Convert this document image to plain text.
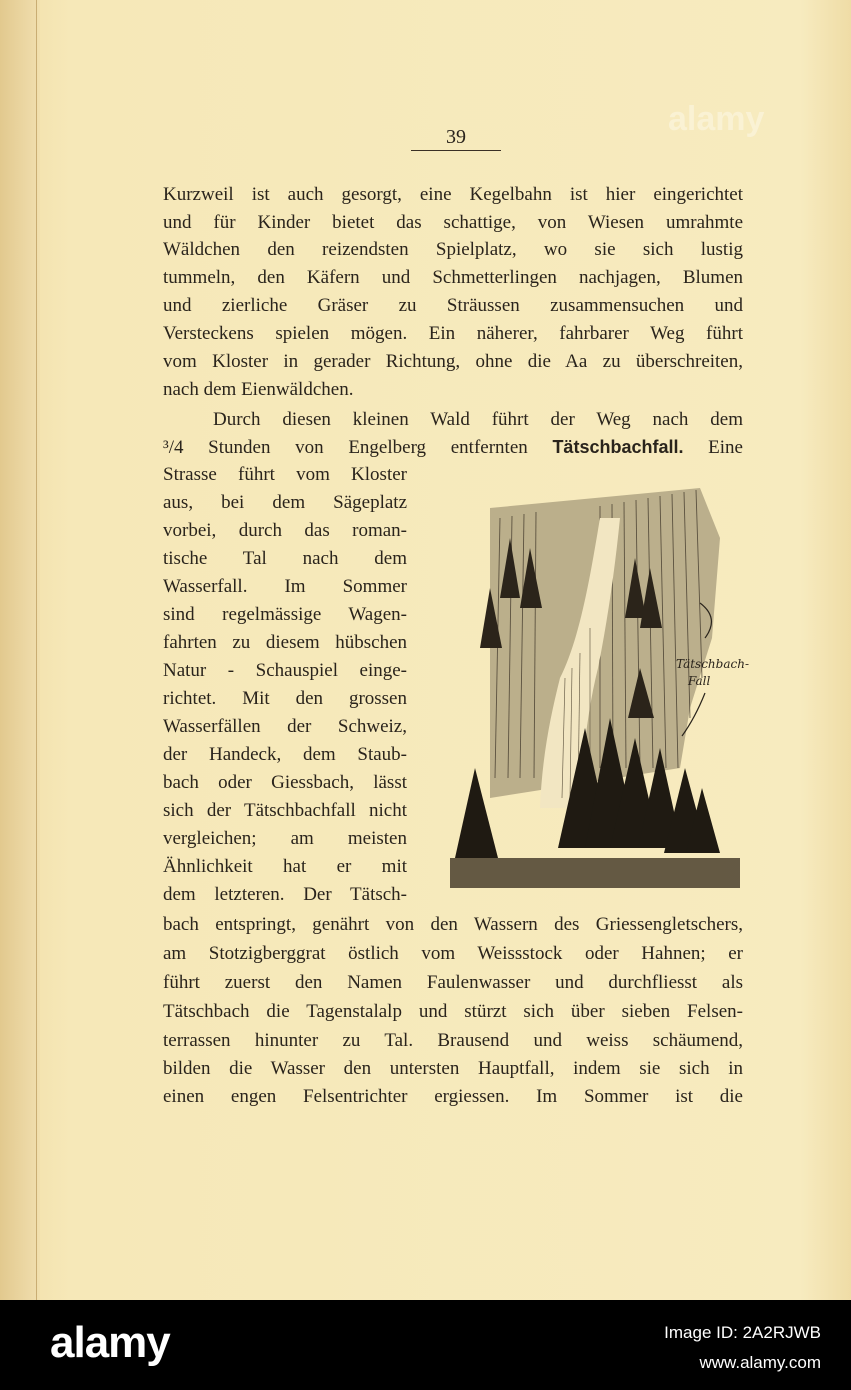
alamy
39
Kurzweil ist auch gesorgt, eine Kegelbahn ist hier eingerichtet
und für Kinder bietet das schattige, von Wiesen umrahmte
Wäldchen den reizendsten Spielplatz, wo sie sich lustig
tummeln, den Käfern und Schmetterlingen nachjagen, Blumen
und zierliche Gräser zu Sträussen zusammensuchen und
Versteckens spielen mögen. Ein näherer, fahrbarer Weg führt
vom Kloster in gerader Richtung, ohne die Aa zu überschreiten,
nach dem Eienwäldchen.
Durch diesen kleinen Wald führt der Weg nach dem
³/4 Stunden von Engelberg entfernten Tätschbachfall. Eine
Strasse führt vom Kloster
aus, bei dem Sägeplatz
vorbei, durch das roman-
tische Tal nach dem
Wasserfall. Im Sommer
sind regelmässige Wagen-
fahrten zu diesem hübschen
Natur - Schauspiel einge-
richtet. Mit den grossen
Wasserfällen der Schweiz,
der Handeck, dem Staub-
bach oder Giessbach, lässt
sich der Tätschbachfall nicht
vergleichen; am meisten
Ähnlichkeit hat er mit
dem letzteren. Der Tätsch-
bach entspringt, genährt von den Wassern des Griessengletschers,
am Stotzigberggrat östlich vom Weissstock oder Hahnen; er
führt zuerst den Namen Faulenwasser und durchfliesst als
Tätschbach die Tagenstalalp und stürzt sich über sieben Felsen-
terrassen hinunter zu Tal. Brausend und weiss schäumend,
bilden die Wasser den untersten Hauptfall, indem sie sich in
einen engen Felsentrichter ergiessen. Im Sommer ist die
Tätschbach-
Fall
alamy	Image ID: 2A2RJWB
www.alamy.com
